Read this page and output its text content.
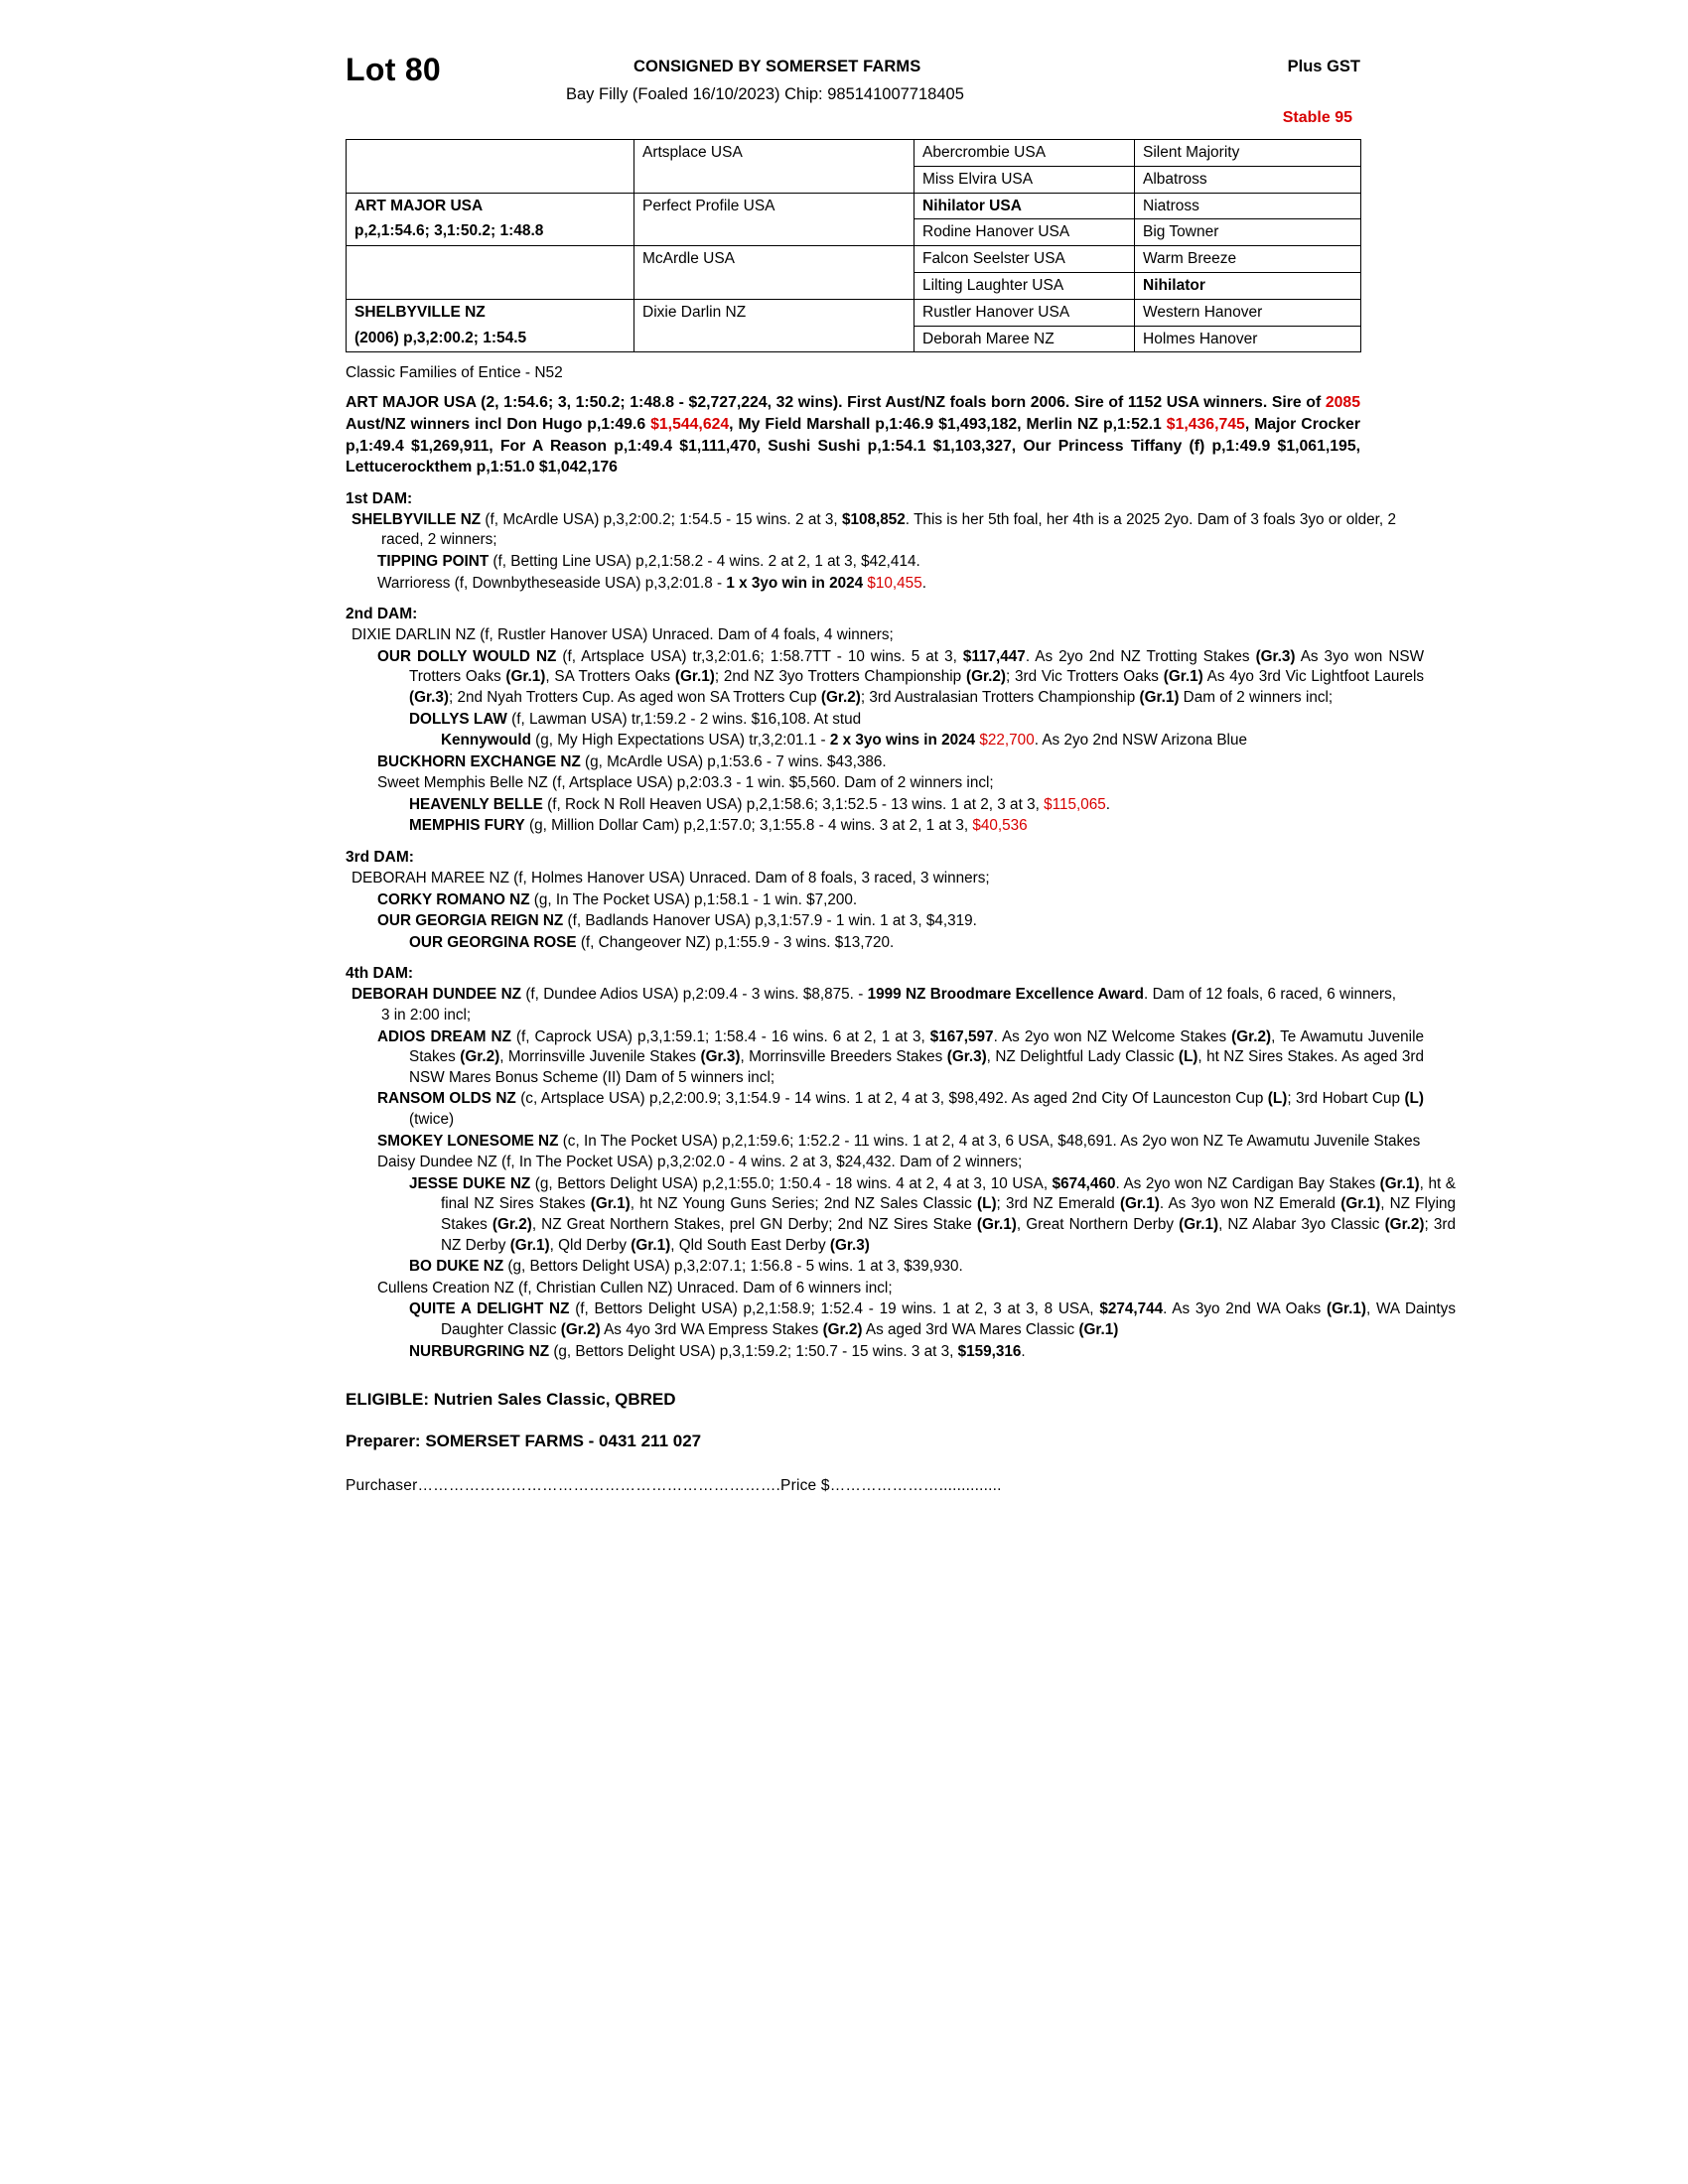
Lot 80	CONSIGNED BY SOMERSET FARMS	Plus GST
Bay Filly (Foaled 16/10/2023) Chip: 985141007718405
Stable 95

	Artsplace USA	Abercrombie USA	Silent Majority
		Miss Elvira USA	Albatross

ART MAJOR USA
p,2,1:54.6; 3,1:50.2; 1:48.8	Perfect Profile USA	Nihilator USA	Niatross
		Rodine Hanover USA	Big Towner
	McArdle USA	Falcon Seelster USA	Warm Breeze
		Lilting Laughter USA	Nihilator

SHELBYVILLE NZ
(2006) p,3,2:00.2; 1:54.5	Dixie Darlin NZ	Rustler Hanover USA	Western Hanover
		Deborah Maree NZ	Holmes Hanover
Classic Families of Entice - N52
ART MAJOR USA (2, 1:54.6; 3, 1:50.2; 1:48.8 - $2,727,224, 32 wins). First Aust/NZ foals born 2006. Sire of 1152 USA winners. Sire of 2085 Aust/NZ winners incl Don Hugo p,1:49.6 $1,544,624, My Field Marshall p,1:46.9 $1,493,182, Merlin NZ p,1:52.1 $1,436,745, Major Crocker p,1:49.4 $1,269,911, For A Reason p,1:49.4 $1,111,470, Sushi Sushi p,1:54.1 $1,103,327, Our Princess Tiffany (f) p,1:49.9 $1,061,195, Lettucerockthem p,1:51.0 $1,042,176
1st DAM:
SHELBYVILLE NZ (f, McArdle USA) p,3,2:00.2; 1:54.5 - 15 wins. 2 at 3, $108,852. This is her 5th foal, her 4th is a 2025 2yo. Dam of 3 foals 3yo or older, 2 raced, 2 winners;
TIPPING POINT (f, Betting Line USA) p,2,1:58.2 - 4 wins. 2 at 2, 1 at 3, $42,414.
Warrioress (f, Downbytheseaside USA) p,3,2:01.8 - 1 x 3yo win in 2024 $10,455.
2nd DAM:
DIXIE DARLIN NZ (f, Rustler Hanover USA) Unraced. Dam of 4 foals, 4 winners;
OUR DOLLY WOULD NZ (f, Artsplace USA) tr,3,2:01.6; 1:58.7TT - 10 wins. 5 at 3, $117,447. As 2yo 2nd NZ Trotting Stakes (Gr.3) As 3yo won NSW Trotters Oaks (Gr.1), SA Trotters Oaks (Gr.1); 2nd NZ 3yo Trotters Championship (Gr.2); 3rd Vic Trotters Oaks (Gr.1) As 4yo 3rd Vic Lightfoot Laurels (Gr.3); 2nd Nyah Trotters Cup. As aged won SA Trotters Cup (Gr.2); 3rd Australasian Trotters Championship (Gr.1) Dam of 2 winners incl;
DOLLYS LAW (f, Lawman USA) tr,1:59.2 - 2 wins. $16,108. At stud
Kennywould (g, My High Expectations USA) tr,3,2:01.1 - 2 x 3yo wins in 2024 $22,700. As 2yo 2nd NSW Arizona Blue
BUCKHORN EXCHANGE NZ (g, McArdle USA) p,1:53.6 - 7 wins. $43,386.
Sweet Memphis Belle NZ (f, Artsplace USA) p,2:03.3 - 1 win. $5,560. Dam of 2 winners incl;
HEAVENLY BELLE (f, Rock N Roll Heaven USA) p,2,1:58.6; 3,1:52.5 - 13 wins. 1 at 2, 3 at 3, $115,065.
MEMPHIS FURY (g, Million Dollar Cam) p,2,1:57.0; 3,1:55.8 - 4 wins. 3 at 2, 1 at 3, $40,536
3rd DAM:
DEBORAH MAREE NZ (f, Holmes Hanover USA) Unraced. Dam of 8 foals, 3 raced, 3 winners;
CORKY ROMANO NZ (g, In The Pocket USA) p,1:58.1 - 1 win. $7,200.
OUR GEORGIA REIGN NZ (f, Badlands Hanover USA) p,3,1:57.9 - 1 win. 1 at 3, $4,319.
OUR GEORGINA ROSE (f, Changeover NZ) p,1:55.9 - 3 wins. $13,720.
4th DAM:
DEBORAH DUNDEE NZ (f, Dundee Adios USA) p,2:09.4 - 3 wins. $8,875. - 1999 NZ Broodmare Excellence Award. Dam of 12 foals, 6 raced, 6 winners, 3 in 2:00 incl;
ADIOS DREAM NZ (f, Caprock USA) p,3,1:59.1; 1:58.4 - 16 wins. 6 at 2, 1 at 3, $167,597. As 2yo won NZ Welcome Stakes (Gr.2), Te Awamutu Juvenile Stakes (Gr.2), Morrinsville Juvenile Stakes (Gr.3), Morrinsville Breeders Stakes (Gr.3), NZ Delightful Lady Classic (L), ht NZ Sires Stakes. As aged 3rd NSW Mares Bonus Scheme (II) Dam of 5 winners incl;
RANSOM OLDS NZ (c, Artsplace USA) p,2,2:00.9; 3,1:54.9 - 14 wins. 1 at 2, 4 at 3, $98,492. As aged 2nd City Of Launceston Cup (L); 3rd Hobart Cup (L) (twice)
SMOKEY LONESOME NZ (c, In The Pocket USA) p,2,1:59.6; 1:52.2 - 11 wins. 1 at 2, 4 at 3, 6 USA, $48,691. As 2yo won NZ Te Awamutu Juvenile Stakes
Daisy Dundee NZ (f, In The Pocket USA) p,3,2:02.0 - 4 wins. 2 at 3, $24,432. Dam of 2 winners;
JESSE DUKE NZ (g, Bettors Delight USA) p,2,1:55.0; 1:50.4 - 18 wins. 4 at 2, 4 at 3, 10 USA, $674,460. As 2yo won NZ Cardigan Bay Stakes (Gr.1), ht & final NZ Sires Stakes (Gr.1), ht NZ Young Guns Series; 2nd NZ Sales Classic (L); 3rd NZ Emerald (Gr.1). As 3yo won NZ Emerald (Gr.1), NZ Flying Stakes (Gr.2), NZ Great Northern Stakes, prel GN Derby; 2nd NZ Sires Stake (Gr.1), Great Northern Derby (Gr.1), NZ Alabar 3yo Classic (Gr.2); 3rd NZ Derby (Gr.1), Qld Derby (Gr.1), Qld South East Derby (Gr.3)
BO DUKE NZ (g, Bettors Delight USA) p,3,2:07.1; 1:56.8 - 5 wins. 1 at 3, $39,930.
Cullens Creation NZ (f, Christian Cullen NZ) Unraced. Dam of 6 winners incl;
QUITE A DELIGHT NZ (f, Bettors Delight USA) p,2,1:58.9; 1:52.4 - 19 wins. 1 at 2, 3 at 3, 8 USA, $274,744. As 3yo 2nd WA Oaks (Gr.1), WA Daintys Daughter Classic (Gr.2) As 4yo 3rd WA Empress Stakes (Gr.2) As aged 3rd WA Mares Classic (Gr.1)
NURBURGRING NZ (g, Bettors Delight USA) p,3,1:59.2; 1:50.7 - 15 wins. 3 at 3, $159,316.
ELIGIBLE: Nutrien Sales Classic, QBRED
Preparer: SOMERSET FARMS - 0431 211 027
Purchaser…………………………………………………………….Price $…………………..............
